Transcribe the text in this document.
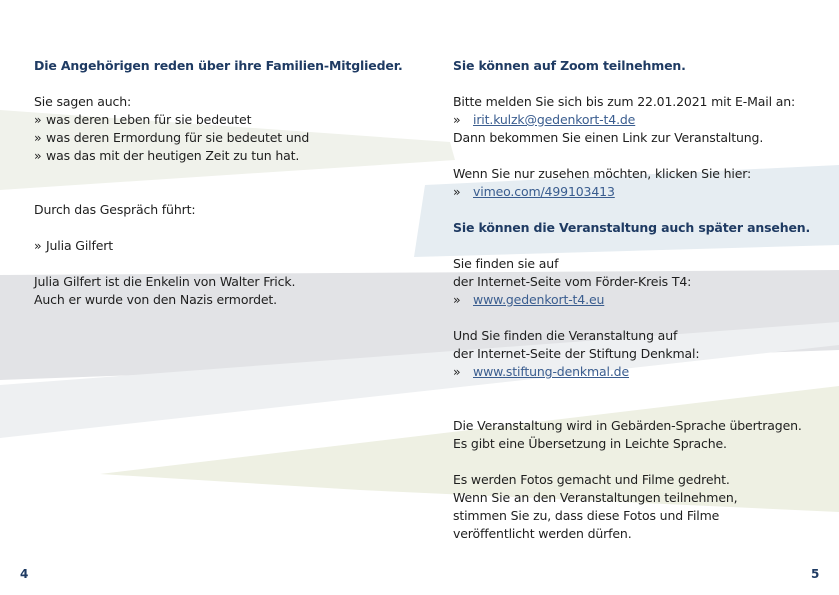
Die Angehörigen reden über ihre Familien-Mitglieder.

Sie sagen auch:

» was deren Leben für sie bedeutet
» was deren Ermordung für sie bedeutet und
» was das mit der heutigen Zeit zu tun hat.

Durch das Gespräch führt:

» Julia Gilfert

Julia Gilfert ist die Enkelin von Walter Frick.

Auch er wurde von den Nazis ermordet.

Sie können auf Zoom teilnehmen.

Bitte melden Sie sich bis zum 22.01.2021 mit E-Mail an:

»	irit.kulzk@gedenkort-t4.de

Dann bekommen Sie einen Link zur Veranstaltung.

Wenn Sie nur zusehen möchten, klicken Sie hier:

»	vimeo.com/499103413

Sie können die Veranstaltung auch später ansehen.

Sie finden sie auf

der Internet-Seite vom Förder-Kreis T4:

»	www.gedenkort-t4.eu

Und Sie finden die Veranstaltung auf

der Internet-Seite der Stiftung Denkmal:

»	www.stiftung-denkmal.de

Die Veranstaltung wird in Gebärden-Sprache übertragen.

Es gibt eine Übersetzung in Leichte Sprache.

Es werden Fotos gemacht und Filme gedreht.

Wenn Sie an den Veranstaltungen teilnehmen,

stimmen Sie zu, dass diese Fotos und Filme

veröffentlicht werden dürfen.

4	5
